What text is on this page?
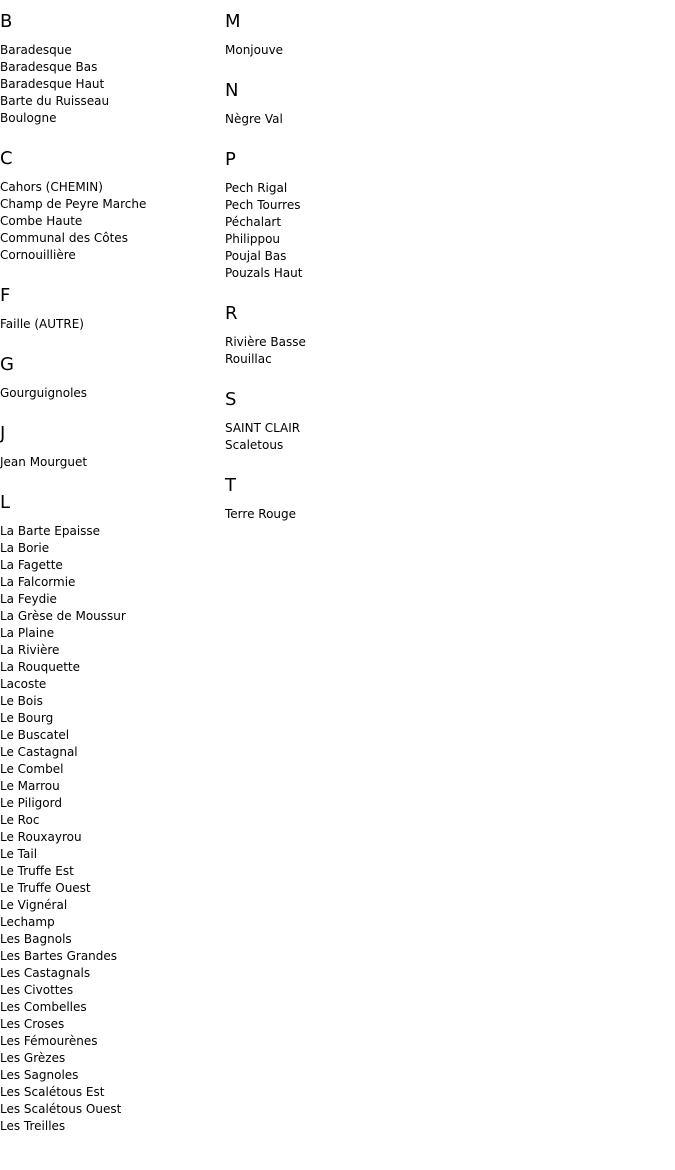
B
Baradesque
Baradesque Bas
Baradesque Haut
Barte du Ruisseau
Boulogne
C
Cahors (CHEMIN)
Champ de Peyre Marche
Combe Haute
Communal des Côtes
Cornouillière
F
Faille (AUTRE)
G
Gourguignoles
J
Jean Mourguet
L
La Barte Epaisse
La Borie
La Fagette
La Falcormie
La Feydie
La Grèse de Moussur
La Plaine
La Rivière
La Rouquette
Lacoste
Le Bois
Le Bourg
Le Buscatel
Le Castagnal
Le Combel
Le Marrou
Le Piligord
Le Roc
Le Rouxayrou
Le Tail
Le Truffe Est
Le Truffe Ouest
Le Vignéral
Lechamp
Les Bagnols
Les Bartes Grandes
Les Castagnals
Les Civottes
Les Combelles
Les Croses
Les Fémourènes
Les Grèzes
Les Sagnoles
Les Scalétous Est
Les Scalétous Ouest
Les Treilles
M
Monjouve
N
Nègre Val
P
Pech Rigal
Pech Tourres
Péchalart
Philippou
Poujal Bas
Pouzals Haut
R
Rivière Basse
Rouillac
S
SAINT CLAIR
Scaletous
T
Terre Rouge
